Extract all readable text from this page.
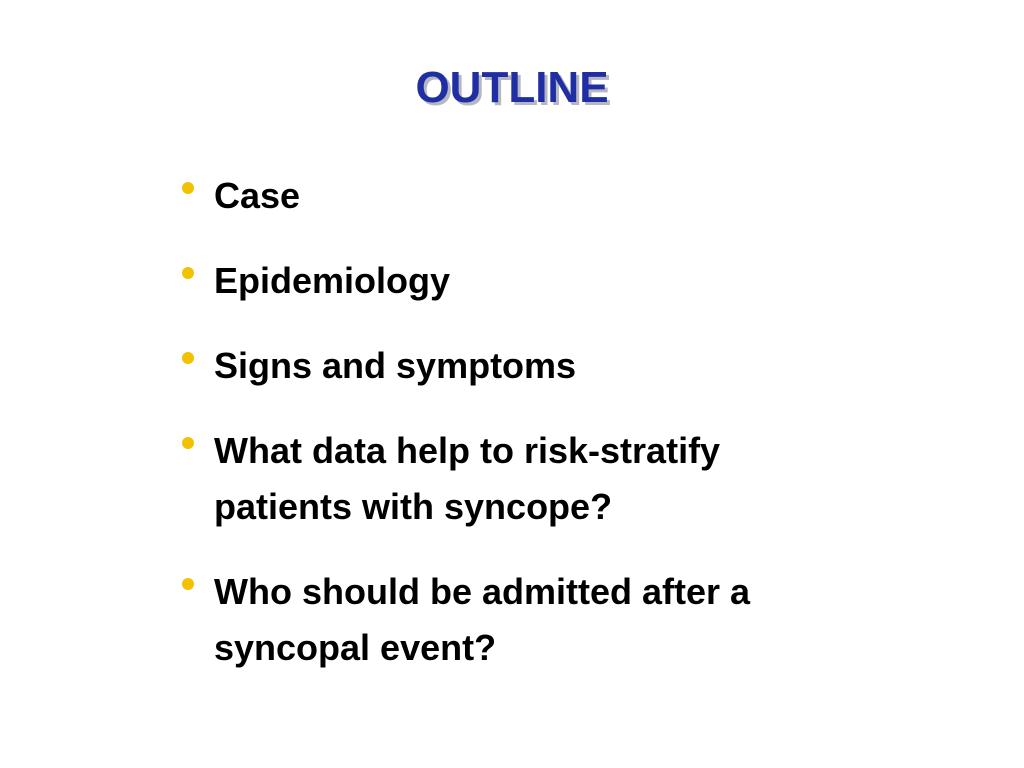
OUTLINE
Case
Epidemiology
Signs and symptoms
What data help to risk-stratify patients with syncope?
Who should be admitted after a syncopal event?
